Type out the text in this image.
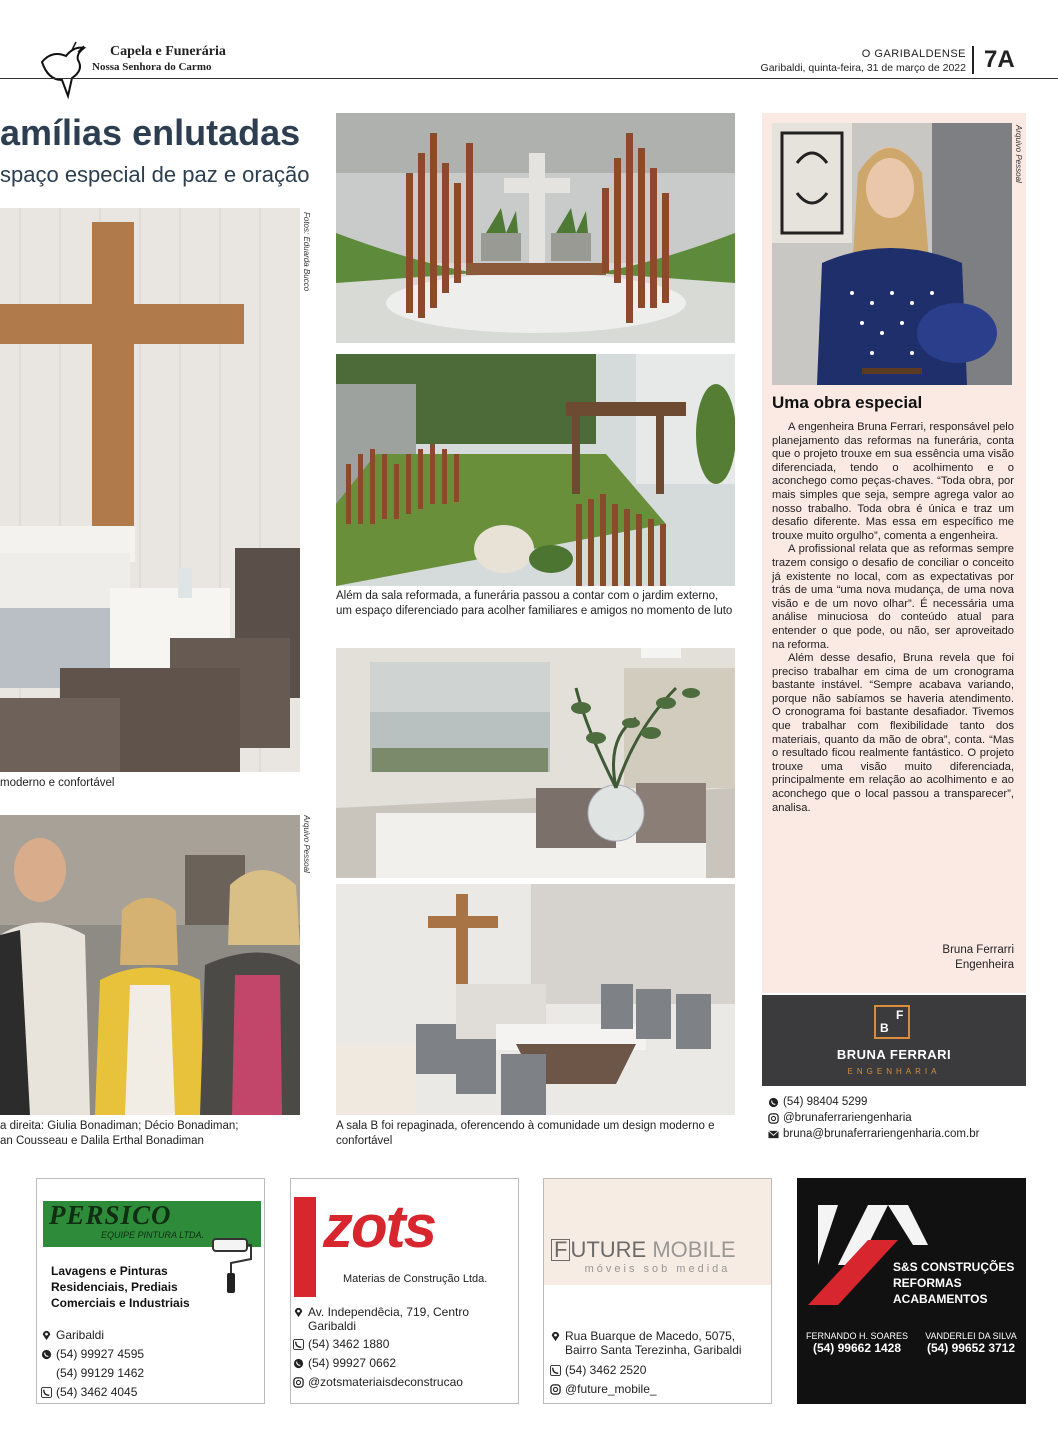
Capela e Funerária
Nossa Senhora do Carmo
O GARIBALDENSE
Garibaldi, quinta-feira, 31 de março de 2022 7A
amílias enlutadas
spaço especial de paz e oração
Fotos: Eduarda Bucco
moderno e confortável
Arquivo Pessoal
a direita: Giulia Bonadiman; Décio Bonadiman;
an Cousseau e Dalila Erthal Bonadiman
Além da sala reformada, a funerária passou a contar com o jardim externo, um espaço diferenciado para acolher familiares e amigos no momento de luto
A sala B foi repaginada, oferencendo à comunidade um design moderno e confortável
Arquivo Pessoal
Uma obra especial

A engenheira Bruna Ferrari, responsável pelo planejamento das reformas na funerária, conta que o projeto trouxe em sua essência uma visão diferenciada, tendo o acolhimento e o aconchego como peças-chaves. “Toda obra, por mais simples que seja, sempre agrega valor ao nosso trabalho. Toda obra é única e traz um desafio diferente. Mas essa em específico me trouxe muito orgulho”, comenta a engenheira.

A profissional relata que as reformas sempre trazem consigo o desafio de conciliar o conceito já existente no local, com as expectativas por trás de uma “uma nova mudança, de uma nova visão e de um novo olhar”. É necessária uma análise minuciosa do conteúdo atual para entender o que pode, ou não, ser aproveitado na reforma.

Além desse desafio, Bruna revela que foi preciso trabalhar em cima de um cronograma bastante instável. “Sempre acabava variando, porque não sabíamos se haveria atendimento. O cronograma foi bastante desafiador. Tivemos que trabalhar com flexibilidade tanto dos materiais, quanto da mão de obra”, conta. “Mas o resultado ficou realmente fantástico. O projeto trouxe uma visão muito diferenciada, principalmente em relação ao acolhimento e ao aconchego que o local passou a transparecer”, analisa.

Bruna Ferrarri
Engenheira
B
F
BRUNA FERRARI
ENGENHARIA
(54) 98404 5299
@brunaferrariengenharia
bruna@brunaferrariengenharia.com.br
PERSICO
EQUIPE PINTURA LTDA.
Lavagens e Pinturas
Residenciais, Prediais
Comerciais e Industriais
Garibaldi
(54) 99927 4595
(54) 99129 1462
(54) 3462 4045
zots
Materias de Construção Ltda.
Av. Independêcia, 719, Centro
Garibaldi
(54) 3462 1880
(54) 99927 0662
@zotsmateriaisdeconstrucao
F UTURE MOBILE
móveis sob medida
Rua Buarque de Macedo, 5075,
Bairro Santa Terezinha, Garibaldi
(54) 3462 2520
@future_mobile_
S&S CONSTRUÇÕES
REFORMAS
ACABAMENTOS
FERNANDO H. SOARES
(54) 99662 1428
VANDERLEI DA SILVA
(54) 99652 3712
